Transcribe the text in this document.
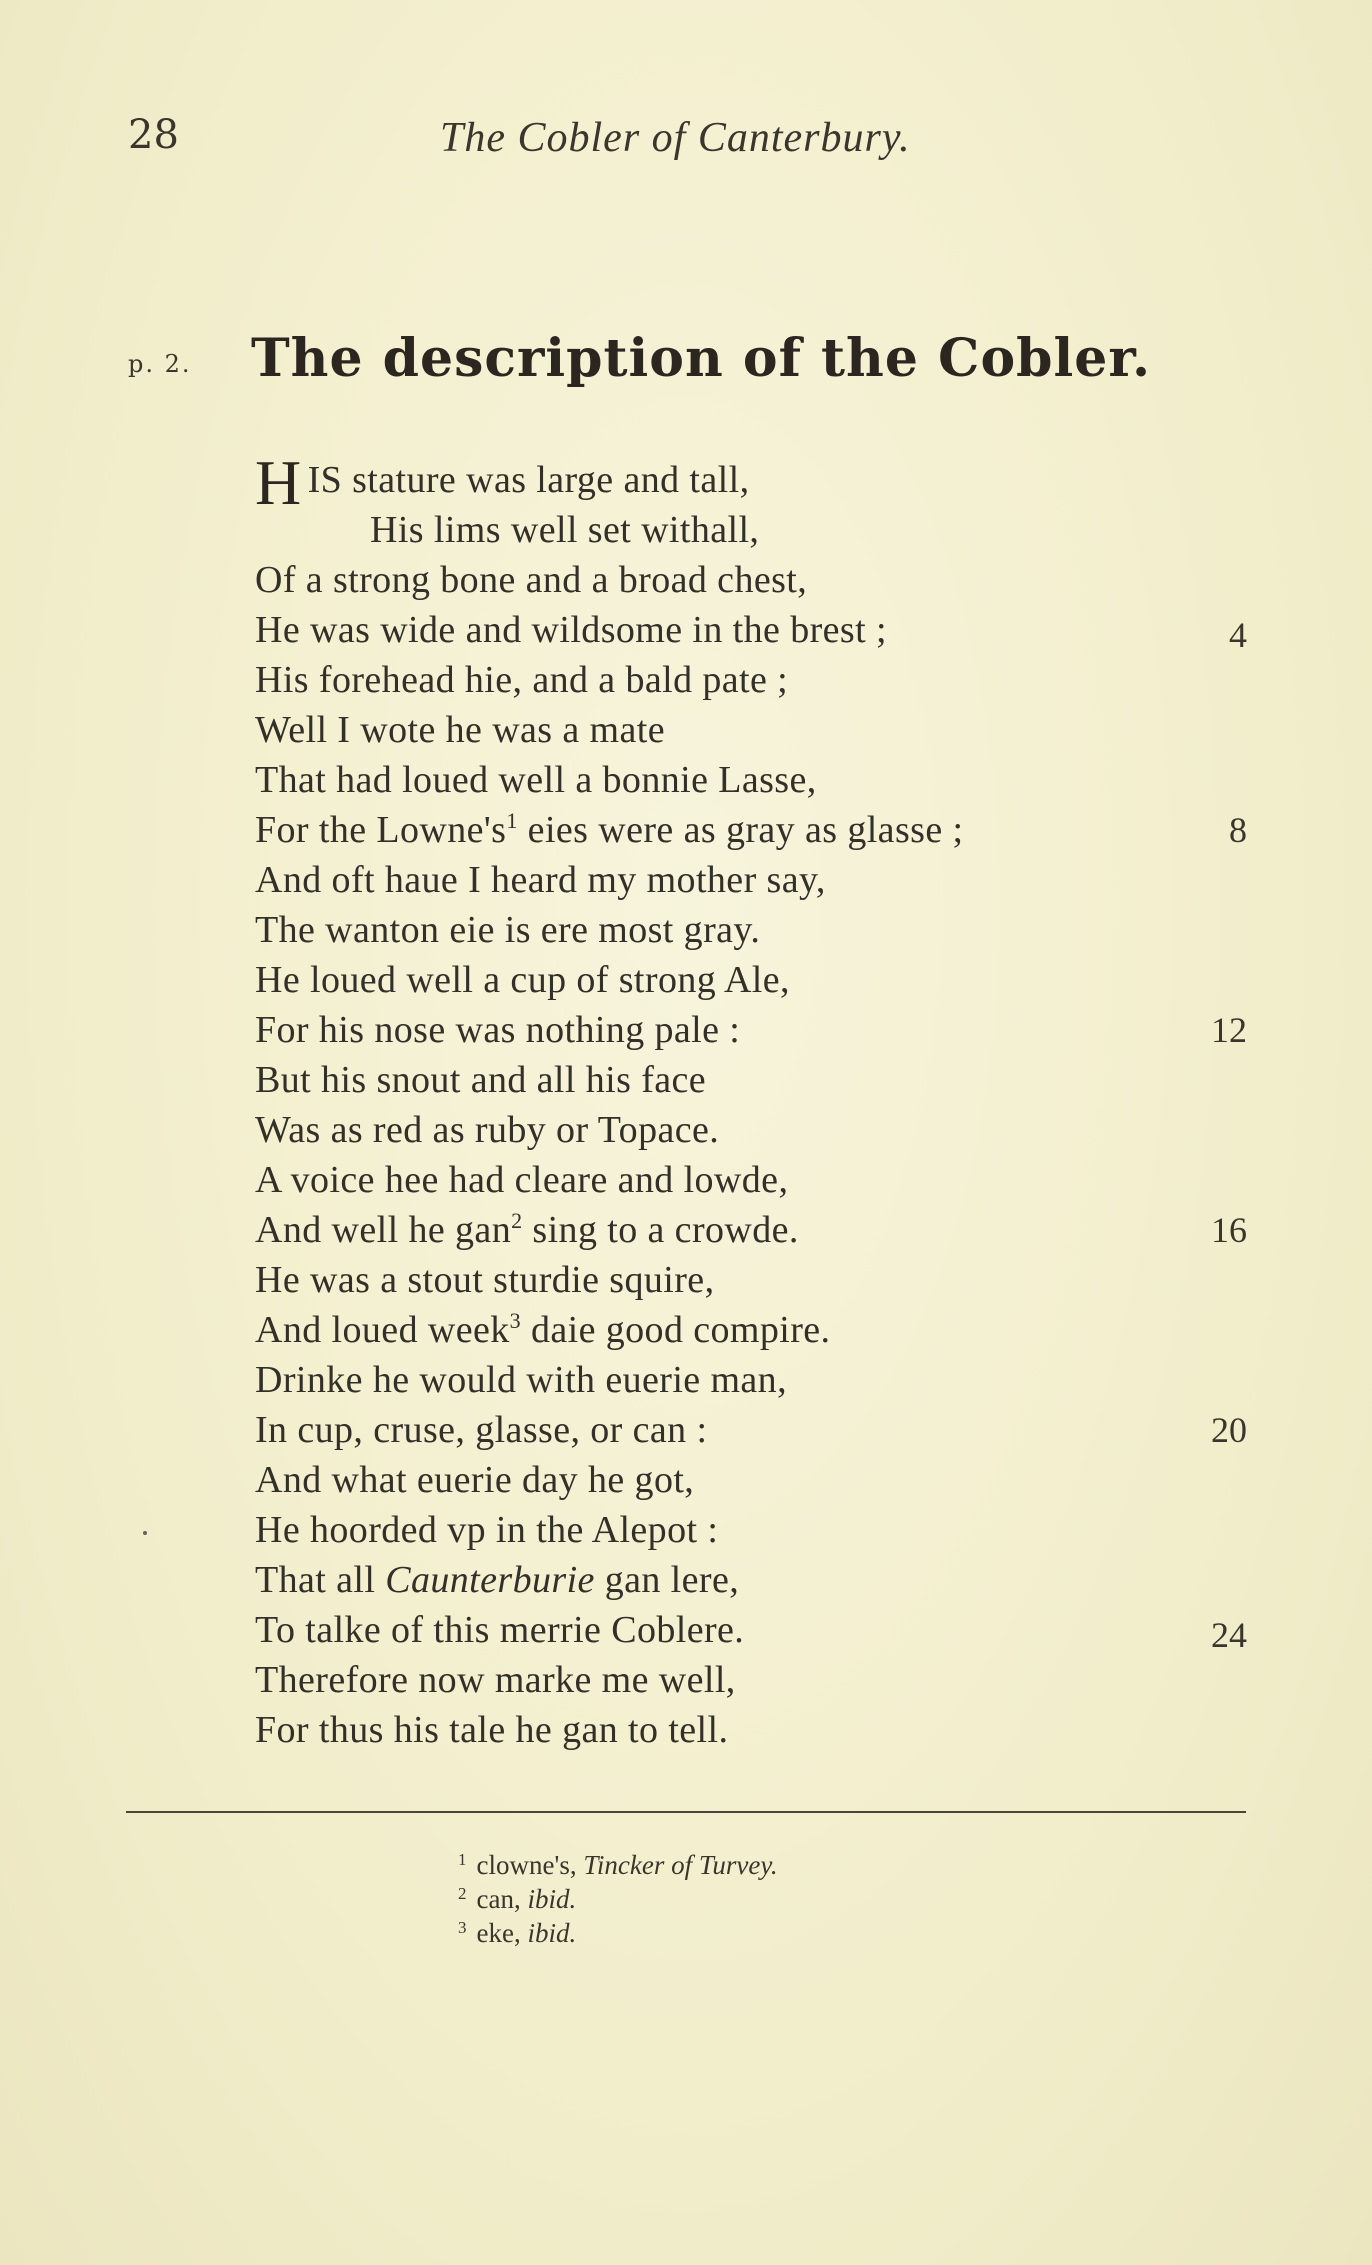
28	The Cobler of Canterbury.
p. 2.	The description of the Cobler.
HIS stature was large and tall,
His lims well set withall,
Of a strong bone and a broad chest,
He was wide and wildsome in the brest ;	4
His forehead hie, and a bald pate ;
Well I wote he was a mate
That had loued well a bonnie Lasse,
For the $Lowne's^1$ eies were as gray as glasse ;	8
And oft haue I heard my mother say,
The wanton eie is ere most gray.
He loued well a cup of strong Ale,
For his nose was nothing pale :	12
But his snout and all his face
Was as red as ruby or Topace.
A voice hee had cleare and lowde,
And well he gan$^2$ sing to a crowde.	16
He was a stout sturdie squire,
And loued week$^3$ daie good compire.
Drinke he would with euerie man,
In cup, cruse, glasse, or can :	20
And what euerie day he got,
He hoorded vp in the Alepot :
That all Caunterburie gan lere,
To talke of this merrie Coblere.	24
Therefore now marke me well,
For thus his tale he gan to tell.
$^1$ clowne's, Tincker of Turvey.
$^2$ can, ibid.
$^3$ eke, ibid.
